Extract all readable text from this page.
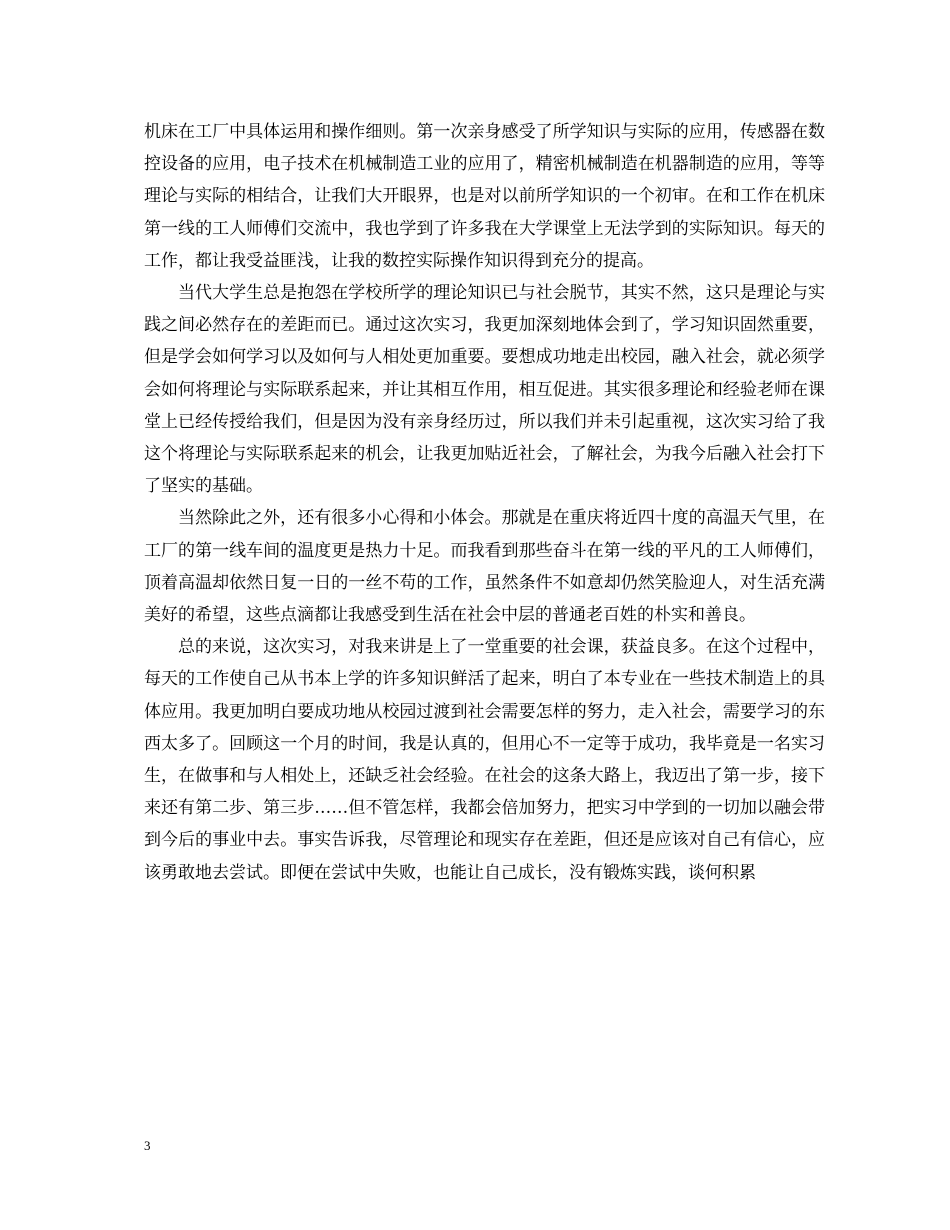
机床在工厂中具体运用和操作细则。第一次亲身感受了所学知识与实际的应用，传感器在数控设备的应用，电子技术在机械制造工业的应用了，精密机械制造在机器制造的应用，等等理论与实际的相结合，让我们大开眼界，也是对以前所学知识的一个初审。在和工作在机床第一线的工人师傅们交流中，我也学到了许多我在大学课堂上无法学到的实际知识。每天的工作，都让我受益匪浅，让我的数控实际操作知识得到充分的提高。

当代大学生总是抱怨在学校所学的理论知识已与社会脱节，其实不然，这只是理论与实践之间必然存在的差距而已。通过这次实习，我更加深刻地体会到了，学习知识固然重要，但是学会如何学习以及如何与人相处更加重要。要想成功地走出校园，融入社会，就必须学会如何将理论与实际联系起来，并让其相互作用，相互促进。其实很多理论和经验老师在课堂上已经传授给我们，但是因为没有亲身经历过，所以我们并未引起重视，这次实习给了我这个将理论与实际联系起来的机会，让我更加贴近社会，了解社会，为我今后融入社会打下了坚实的基础。

当然除此之外，还有很多小心得和小体会。那就是在重庆将近四十度的高温天气里，在工厂的第一线车间的温度更是热力十足。而我看到那些奋斗在第一线的平凡的工人师傅们，顶着高温却依然日复一日的一丝不苟的工作，虽然条件不如意却仍然笑脸迎人，对生活充满美好的希望，这些点滴都让我感受到生活在社会中层的普通老百姓的朴实和善良。

总的来说，这次实习，对我来讲是上了一堂重要的社会课，获益良多。在这个过程中，每天的工作使自己从书本上学的许多知识鲜活了起来，明白了本专业在一些技术制造上的具体应用。我更加明白要成功地从校园过渡到社会需要怎样的努力，走入社会，需要学习的东西太多了。回顾这一个月的时间，我是认真的，但用心不一定等于成功，我毕竟是一名实习生，在做事和与人相处上，还缺乏社会经验。在社会的这条大路上，我迈出了第一步，接下来还有第二步、第三步……但不管怎样，我都会倍加努力，把实习中学到的一切加以融会带到今后的事业中去。事实告诉我，尽管理论和现实存在差距，但还是应该对自己有信心，应该勇敢地去尝试。即便在尝试中失败，也能让自己成长，没有锻炼实践，谈何积累

3
